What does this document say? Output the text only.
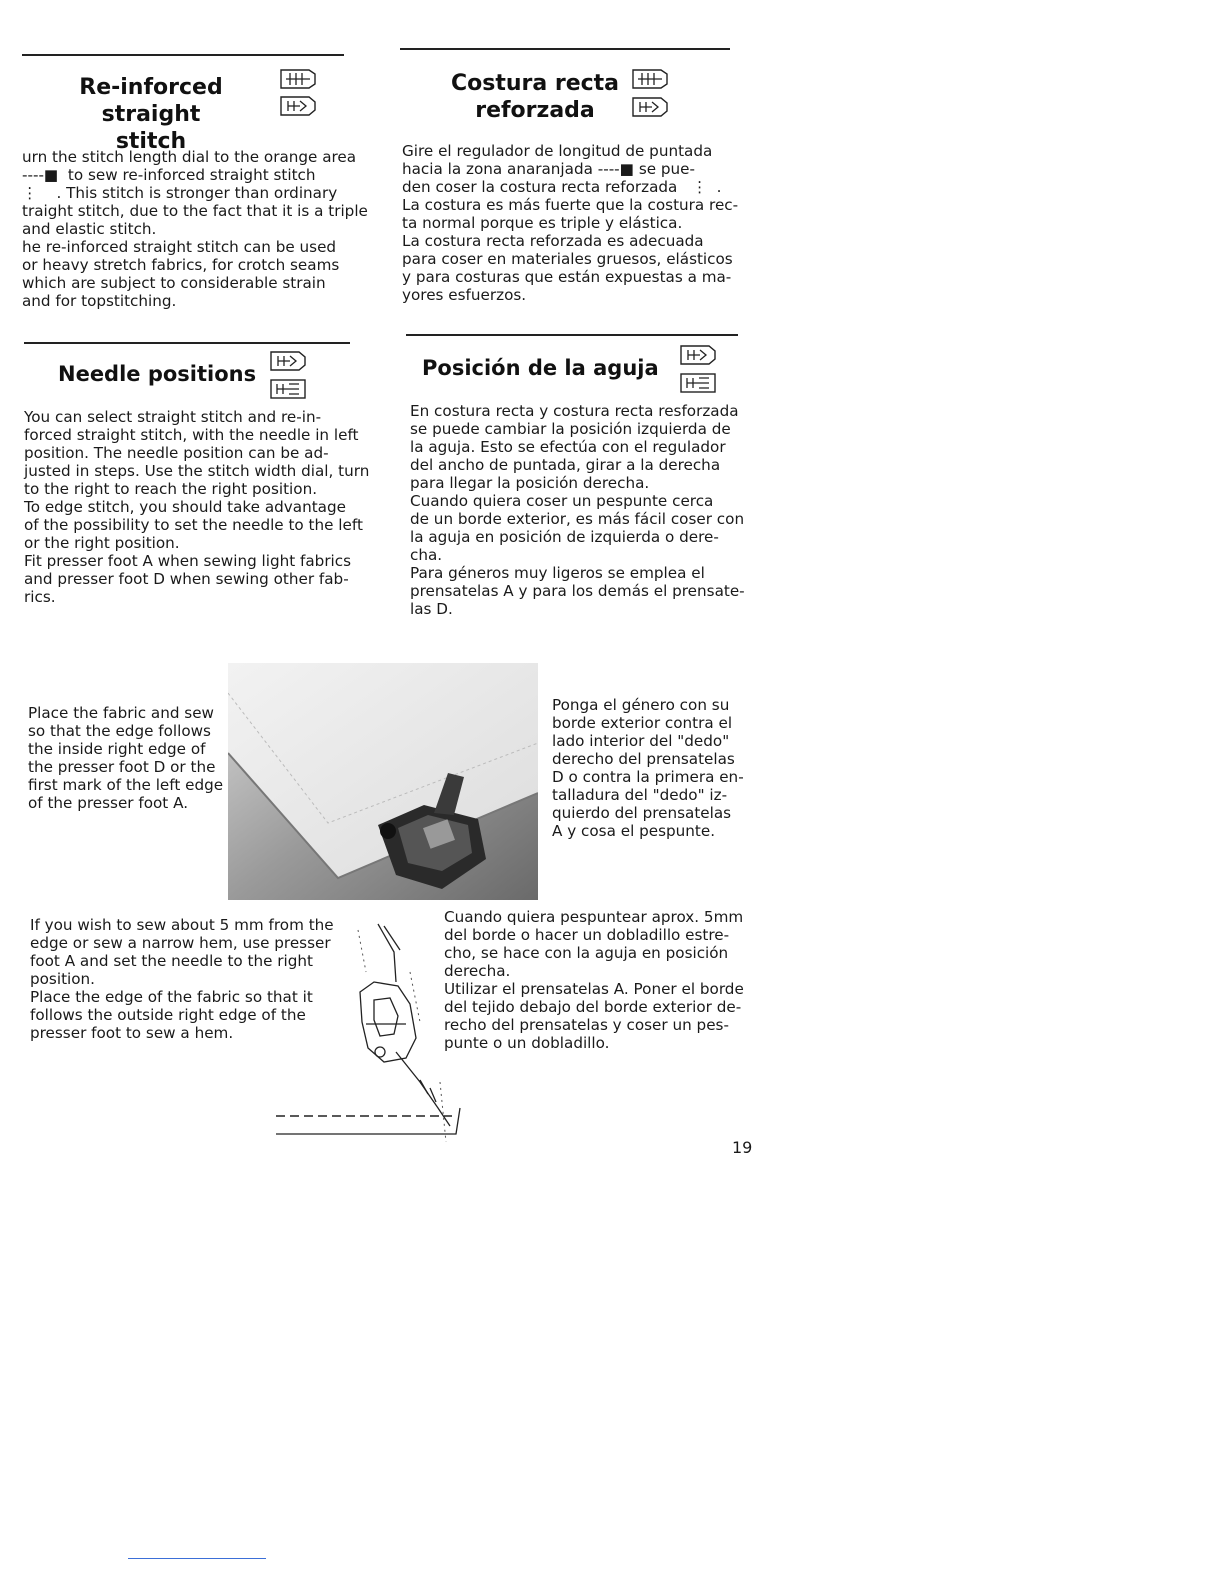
Re-inforced straight
stitch
Costura recta
reforzada
urn the stitch length dial to the orange area
----■  to sew re-inforced straight stitch
⋮    . This stitch is stronger than ordinary
traight stitch, due to the fact that it is a triple
and elastic stitch.
he re-inforced straight stitch can be used
or heavy stretch fabrics, for crotch seams
which are subject to considerable strain
and for topstitching.
Gire el regulador de longitud de puntada
hacia la zona anaranjada ----■ se pue-
den coser la costura recta reforzada   ⋮  .
La costura es más fuerte que la costura rec-
ta normal porque es triple y elástica.
La costura recta reforzada es adecuada
para coser en materiales gruesos, elásticos
y para costuras que están expuestas a ma-
yores esfuerzos.
Needle positions	Posición de la aguja
You can select straight stitch and re-in-
forced straight stitch, with the needle in left
position. The needle position can be ad-
justed in steps. Use the stitch width dial, turn
to the right to reach the right position.
To edge stitch, you should take advantage
of the possibility to set the needle to the left
or the right position.
Fit presser foot A when sewing light fabrics
and presser foot D when sewing other fab-
rics.
En costura recta y costura recta resforzada
se puede cambiar la posición izquierda de
la aguja. Esto se efectúa con el regulador
del ancho de puntada, girar a la derecha
para llegar la posición derecha.
Cuando quiera coser un pespunte cerca
de un borde exterior, es más fácil coser con
la aguja en posición de izquierda o dere-
cha.
Para géneros muy ligeros se emplea el
prensatelas A y para los demás el prensate-
las D.
Place the fabric and sew
so that the edge follows
the inside right edge of
the presser foot D or the
first mark of the left edge
of the presser foot A.
Ponga el género con su
borde exterior contra el
lado interior del "dedo"
derecho del prensatelas
D o contra la primera en-
talladura del "dedo" iz-
quierdo del prensatelas
A y cosa el pespunte.
If you wish to sew about 5 mm from the
edge or sew a narrow hem, use presser
foot A and set the needle to the right
position.
Place the edge of the fabric so that it
follows the outside right edge of the
presser foot to sew a hem.
Cuando quiera pespuntear aprox. 5mm
del borde o hacer un dobladillo estre-
cho, se hace con la aguja en posición
derecha.
Utilizar el prensatelas A. Poner el borde
del tejido debajo del borde exterior de-
recho del prensatelas y coser un pes-
punte o un dobladillo.
19
